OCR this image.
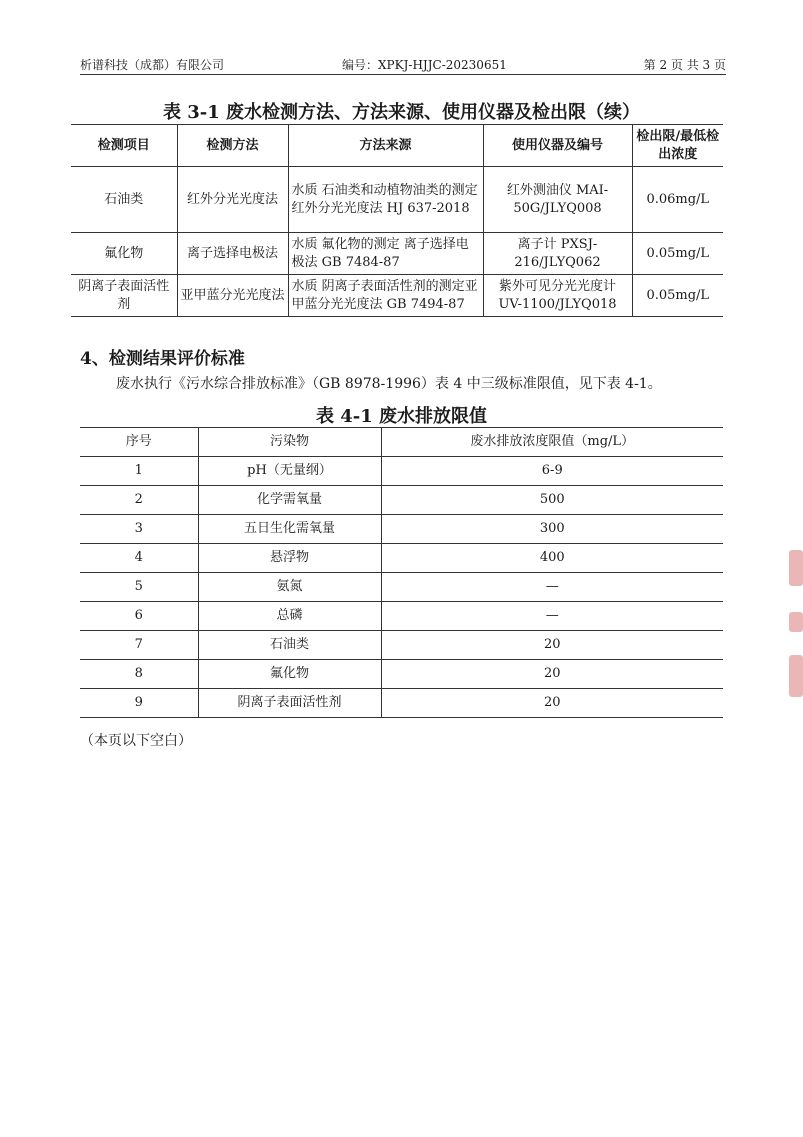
析谱科技（成都）有限公司	编号：XPKJ-HJJC-20230651	第 2 页 共 3 页
表 3-1 废水检测方法、方法来源、使用仪器及检出限（续）
检测项目	检测方法	方法来源	使用仪器及编号	检出限/最低检出浓度
石油类	红外分光光度法	水质 石油类和动植物油类的测定 红外分光光度法 HJ 637-2018	红外测油仪 MAI-50G/JLYQ008	0.06mg/L
氟化物	离子选择电极法	水质 氟化物的测定 离子选择电极法 GB 7484-87	离子计 PXSJ-216/JLYQ062	0.05mg/L
阴离子表面活性剂	亚甲蓝分光光度法	水质 阴离子表面活性剂的测定亚甲蓝分光光度法 GB 7494-87	紫外可见分光光度计 UV-1100/JLYQ018	0.05mg/L
4、检测结果评价标准
废水执行《污水综合排放标准》（GB 8978-1996）表 4 中三级标准限值，见下表 4-1。
表 4-1 废水排放限值
序号	污染物	废水排放浓度限值（mg/L）
1	pH（无量纲）	6-9
2	化学需氧量	500
3	五日生化需氧量	300
4	悬浮物	400
5	氨氮	—
6	总磷	—
7	石油类	20
8	氟化物	20
9	阴离子表面活性剂	20
（本页以下空白）
